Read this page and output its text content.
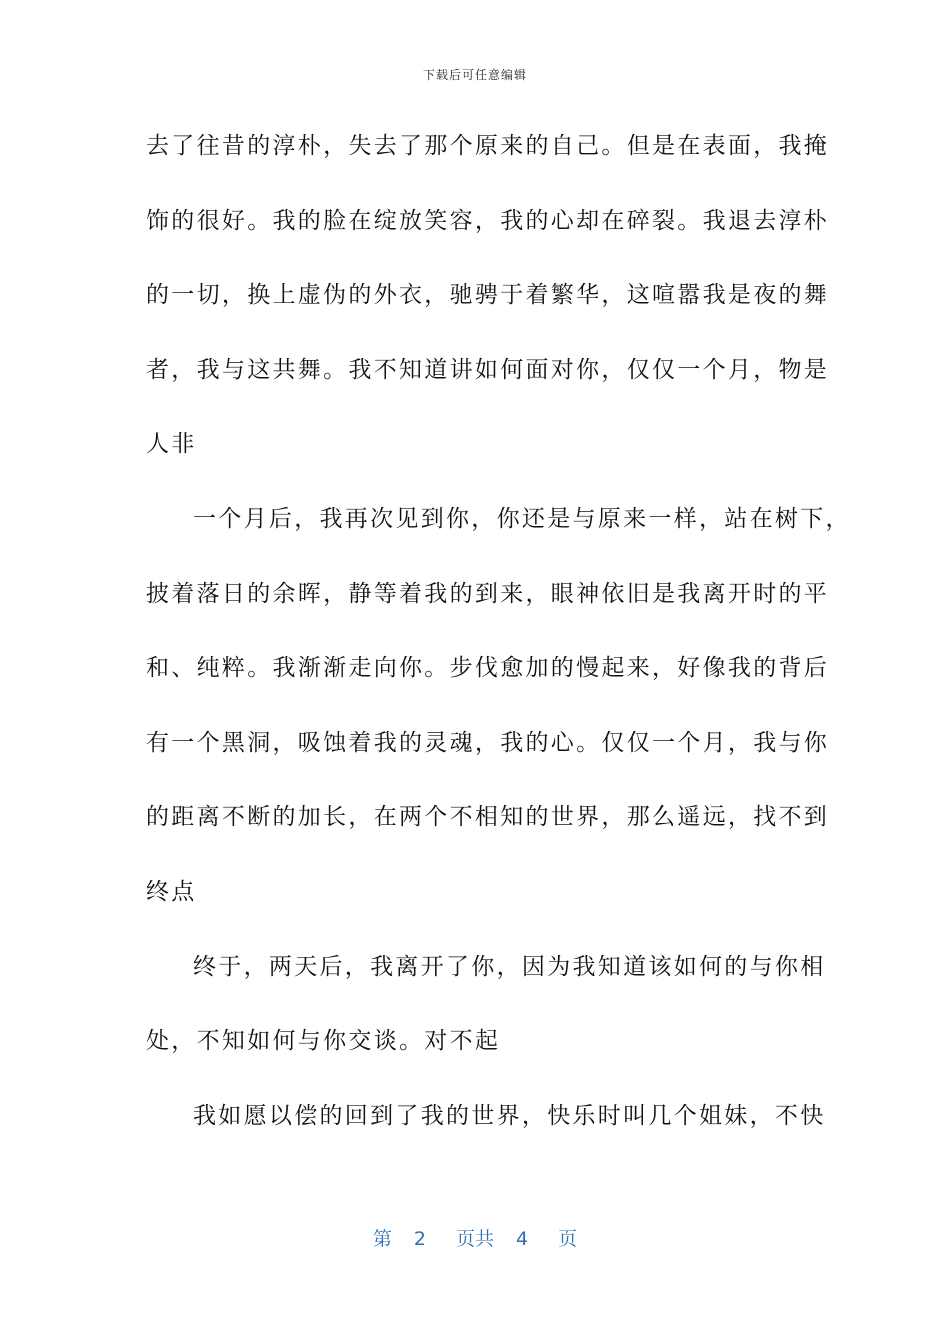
下载后可任意编辑
去了往昔的淳朴，失去了那个原来的自己。但是在表面，我掩
饰的很好。我的脸在绽放笑容，我的心却在碎裂。我退去淳朴
的一切，换上虚伪的外衣，驰骋于着繁华，这喧嚣我是夜的舞
者，我与这共舞。我不知道讲如何面对你，仅仅一个月，物是
人非
一个月后，我再次见到你，你还是与原来一样，站在树下，
披着落日的余晖，静等着我的到来，眼神依旧是我离开时的平
和、纯粹。我渐渐走向你。步伐愈加的慢起来，好像我的背后
有一个黑洞，吸蚀着我的灵魂，我的心。仅仅一个月，我与你
的距离不断的加长，在两个不相知的世界，那么遥远，找不到
终点
终于，两天后，我离开了你，因为我知道该如何的与你相
处，不知如何与你交谈。对不起
我如愿以偿的回到了我的世界，快乐时叫几个姐妹，不快
第 2 页共 4 页
